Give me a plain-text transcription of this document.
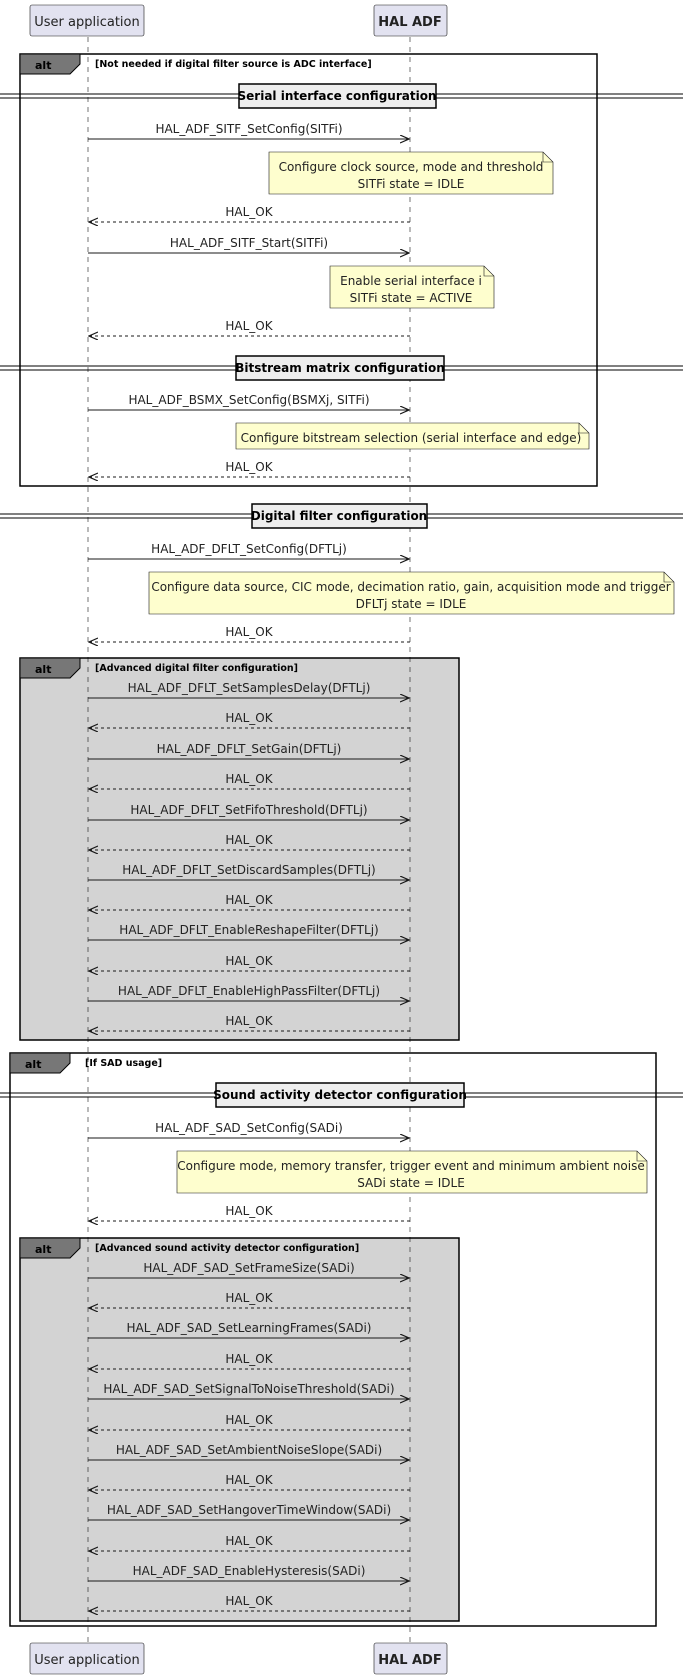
User application	HAL ADF
User application	HAL ADF
alt	[Not needed if digital filter source is ADC interface]
alt	[Advanced digital filter configuration]
alt	[If SAD usage]
alt	[Advanced sound activity detector configuration]
Serial interface configuration
Bitstream matrix configuration
Digital filter configuration
Sound activity detector configuration
Configure clock source, mode and threshold
SITFi state = IDLE
Enable serial interface i
SITFi state = ACTIVE
Configure bitstream selection (serial interface and edge)
Configure data source, CIC mode, decimation ratio, gain, acquisition mode and trigger
DFLTj state = IDLE
Configure mode, memory transfer, trigger event and minimum ambient noise
SADi state = IDLE
HAL_ADF_SITF_SetConfig(SITFi)
HAL_OK
HAL_ADF_SITF_Start(SITFi)
HAL_OK
HAL_ADF_BSMX_SetConfig(BSMXj, SITFi)
HAL_OK
HAL_ADF_DFLT_SetConfig(DFTLj)
HAL_OK
HAL_ADF_DFLT_SetSamplesDelay(DFTLj)
HAL_OK
HAL_ADF_DFLT_SetGain(DFTLj)
HAL_OK
HAL_ADF_DFLT_SetFifoThreshold(DFTLj)
HAL_OK
HAL_ADF_DFLT_SetDiscardSamples(DFTLj)
HAL_OK
HAL_ADF_DFLT_EnableReshapeFilter(DFTLj)
HAL_OK
HAL_ADF_DFLT_EnableHighPassFilter(DFTLj)
HAL_OK
HAL_ADF_SAD_SetConfig(SADi)
HAL_OK
HAL_ADF_SAD_SetFrameSize(SADi)
HAL_OK
HAL_ADF_SAD_SetLearningFrames(SADi)
HAL_OK
HAL_ADF_SAD_SetSignalToNoiseThreshold(SADi)
HAL_OK
HAL_ADF_SAD_SetAmbientNoiseSlope(SADi)
HAL_OK
HAL_ADF_SAD_SetHangoverTimeWindow(SADi)
HAL_OK
HAL_ADF_SAD_EnableHysteresis(SADi)
HAL_OK
